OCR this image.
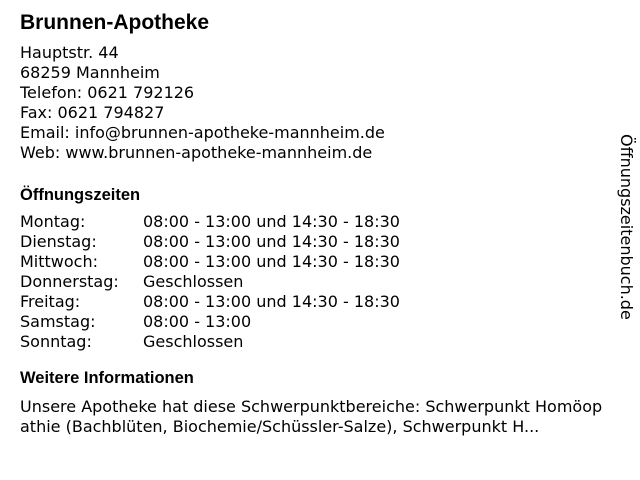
Brunnen-Apotheke
Hauptstr. 44
68259 Mannheim
Telefon: 0621 792126
Fax: 0621 794827
Email: info@brunnen-apotheke-mannheim.de
Web: www.brunnen-apotheke-mannheim.de
Öffnungszeiten
Montag:	08:00 - 13:00 und 14:30 - 18:30
Dienstag:	08:00 - 13:00 und 14:30 - 18:30
Mittwoch:	08:00 - 13:00 und 14:30 - 18:30
Donnerstag:	Geschlossen
Freitag:	08:00 - 13:00 und 14:30 - 18:30
Samstag:	08:00 - 13:00
Sonntag:	Geschlossen
Weitere Informationen
Unsere Apotheke hat diese Schwerpunktbereiche: Schwerpunkt Homöopathie (Bachblüten, Biochemie/Schüssler-Salze), Schwerpunkt H...
Öffnungszeitenbuch.de
